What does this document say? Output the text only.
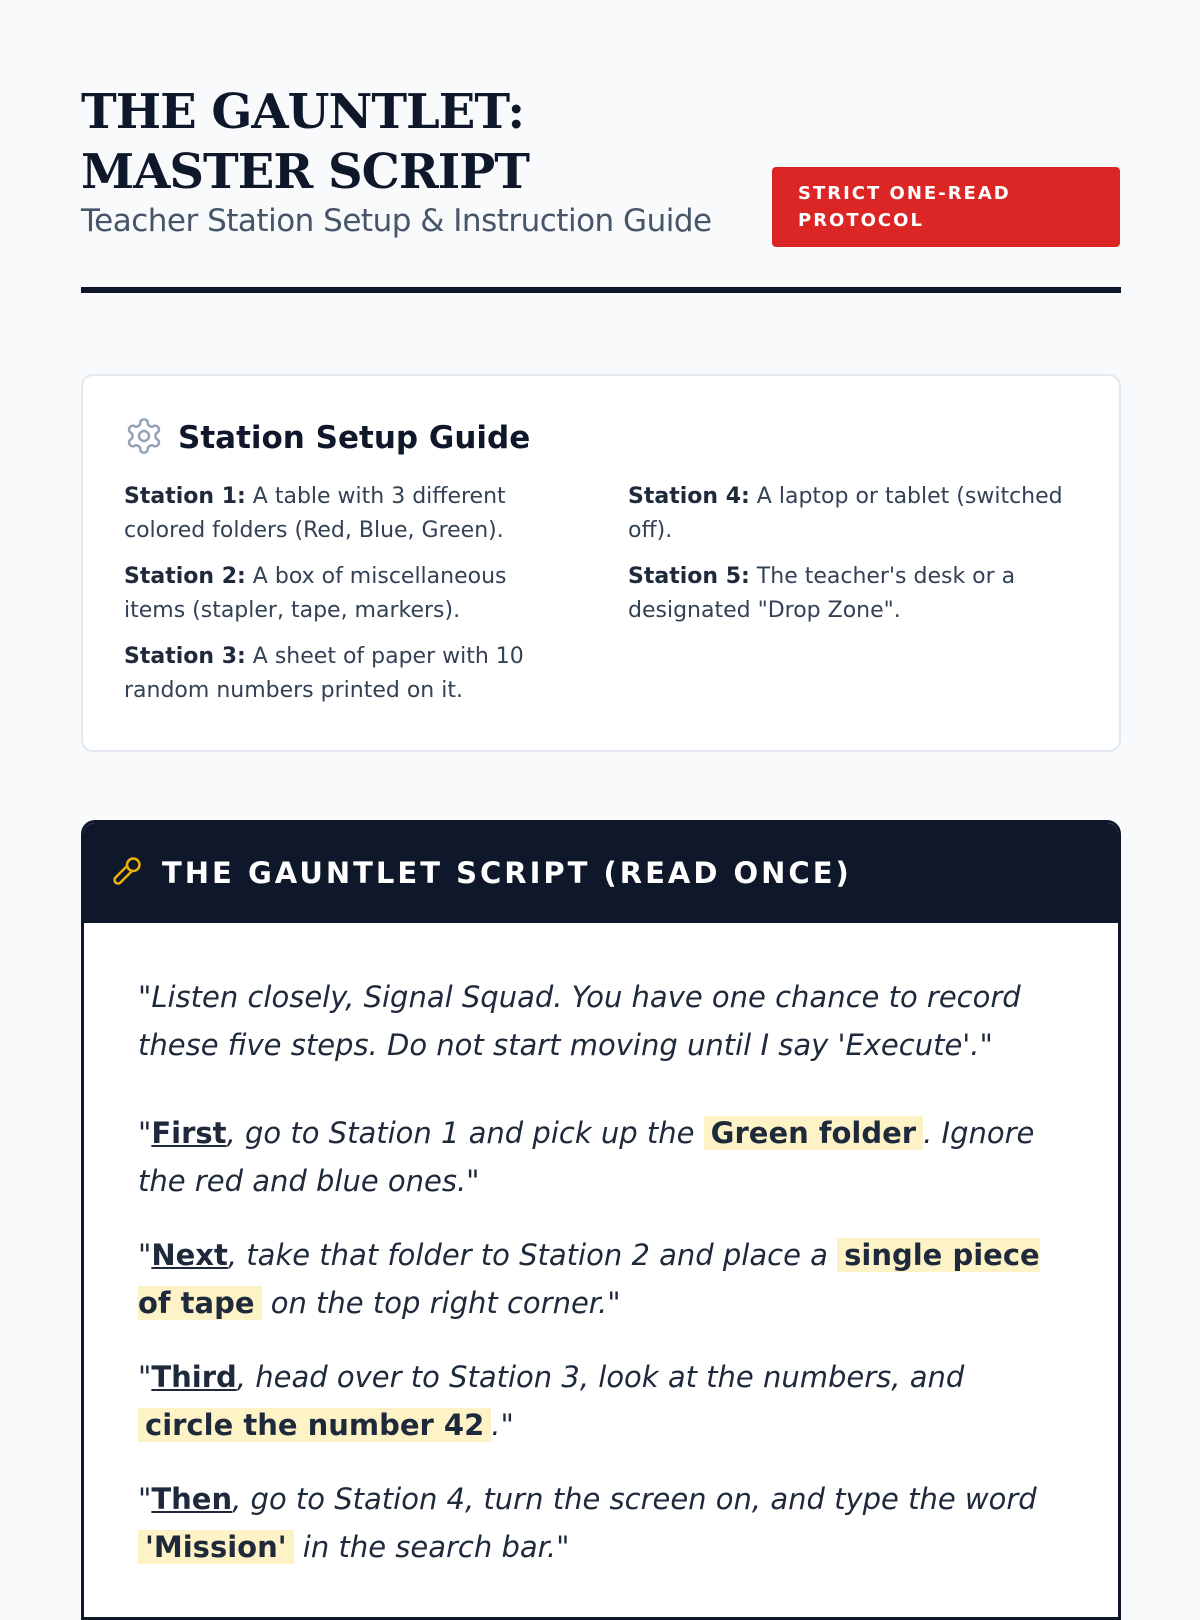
THE GAUNTLET: MASTER SCRIPT
Teacher Station Setup & Instruction Guide
STRICT ONE-READ PROTOCOL
Station Setup Guide
Station 1: A table with 3 different colored folders (Red, Blue, Green).
Station 2: A box of miscellaneous items (stapler, tape, markers).
Station 3: A sheet of paper with 10 random numbers printed on it.
Station 4: A laptop or tablet (switched off).
Station 5: The teacher's desk or a designated "Drop Zone".
THE GAUNTLET SCRIPT (READ ONCE)

"Listen closely, Signal Squad. You have one chance to record these five steps. Do not start moving until I say 'Execute'."

"First, go to Station 1 and pick up the Green folder . Ignore the red and blue ones."

"Next, take that folder to Station 2 and place a single piece of tape on the top right corner."

"Third, head over to Station 3, look at the numbers, and circle the number 42 ."

"Then, go to Station 4, turn the screen on, and type the word 'Mission' in the search bar."
